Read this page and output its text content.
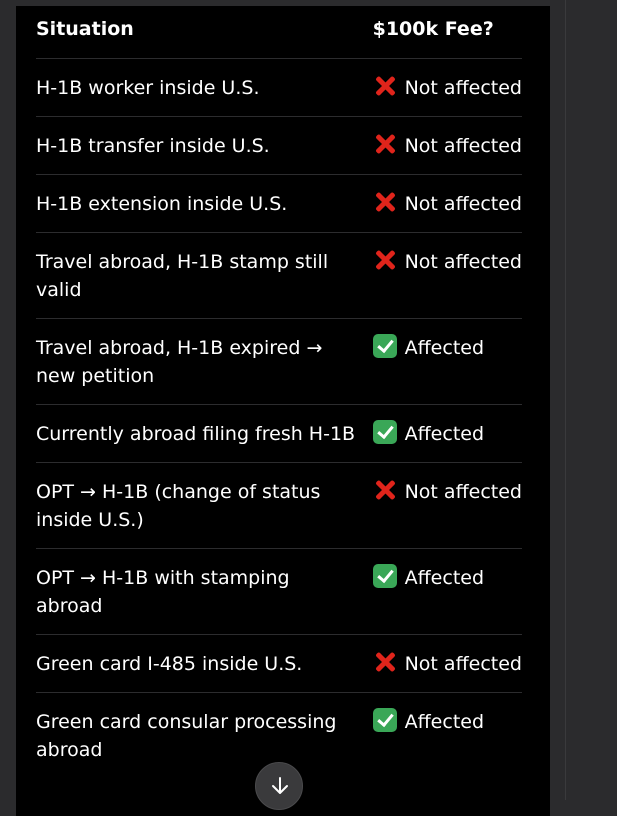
Situation	$100k Fee?
H-1B worker inside U.S.	Not affected
H-1B transfer inside U.S.	Not affected
H-1B extension inside U.S.	Not affected
Travel abroad, H-1B stamp still valid	Not affected
Travel abroad, H-1B expired → new petition	Affected
Currently abroad filing fresh H-1B	Affected
OPT → H-1B (change of status inside U.S.)	Not affected
OPT → H-1B with stamping abroad	Affected
Green card I-485 inside U.S.	Not affected
Green card consular processing abroad	Affected
